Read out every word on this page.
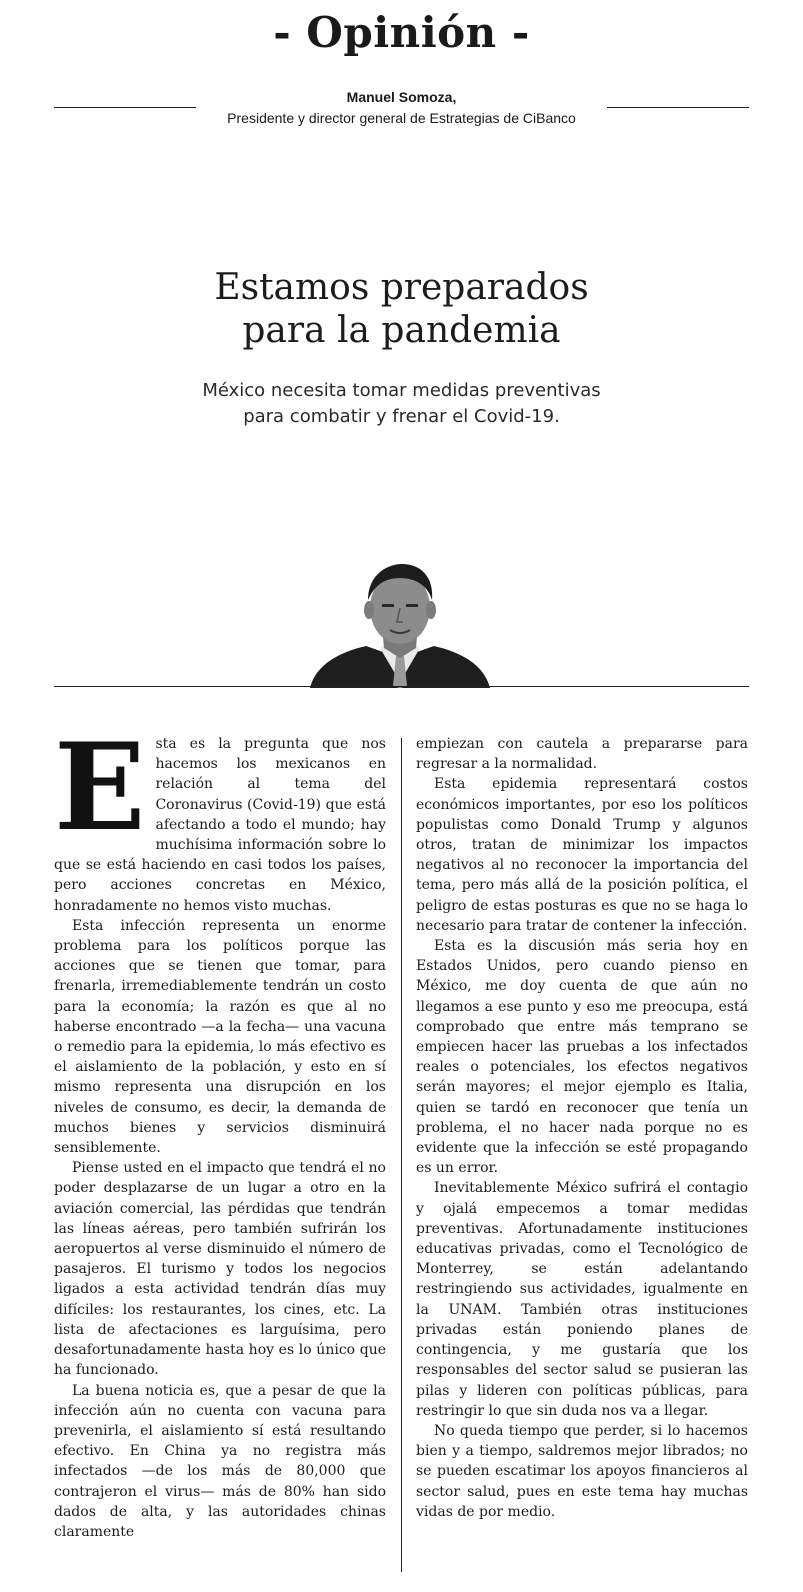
- Opinión -
Manuel Somoza,
Presidente y director general de Estrategias de CiBanco
Estamos preparados
para la pandemia
México necesita tomar medidas preventivas
para combatir y frenar el Covid-19.

Esta es la pregunta que nos hacemos los mexicanos en relación al tema del Coronavirus (Covid-19) que está afectando a todo el mundo; hay muchísima información sobre lo que se está haciendo en casi todos los países, pero acciones concretas en México, honradamente no hemos visto muchas.

Esta infección representa un enorme problema para los políticos porque las acciones que se tienen que tomar, para frenarla, irremediablemente tendrán un costo para la economía; la razón es que al no haberse encontrado —a la fecha— una vacuna o remedio para la epidemia, lo más efectivo es el aislamiento de la población, y esto en sí mismo representa una disrupción en los niveles de consumo, es decir, la demanda de muchos bienes y servicios disminuirá sensiblemente.

Piense usted en el impacto que tendrá el no poder desplazarse de un lugar a otro en la aviación comercial, las pérdidas que tendrán las líneas aéreas, pero también sufrirán los aeropuertos al verse disminuido el número de pasajeros. El turismo y todos los negocios ligados a esta actividad tendrán días muy difíciles: los restaurantes, los cines, etc. La lista de afectaciones es larguísima, pero desafortunadamente hasta hoy es lo único que ha funcionado.

La buena noticia es, que a pesar de que la infección aún no cuenta con vacuna para prevenirla, el aislamiento sí está resultando efectivo. En China ya no registra más infectados —de los más de 80,000 que contrajeron el virus— más de 80% han sido dados de alta, y las autoridades chinas claramente

empiezan con cautela a prepararse para regresar a la normalidad.

Esta epidemia representará costos económicos importantes, por eso los políticos populistas como Donald Trump y algunos otros, tratan de minimizar los impactos negativos al no reconocer la importancia del tema, pero más allá de la posición política, el peligro de estas posturas es que no se haga lo necesario para tratar de contener la infección.

Esta es la discusión más seria hoy en Estados Unidos, pero cuando pienso en México, me doy cuenta de que aún no llegamos a ese punto y eso me preocupa, está comprobado que entre más temprano se empiecen hacer las pruebas a los infectados reales o potenciales, los efectos negativos serán mayores; el mejor ejemplo es Italia, quien se tardó en reconocer que tenía un problema, el no hacer nada porque no es evidente que la infección se esté propagando es un error.

Inevitablemente México sufrirá el contagio y ojalá empecemos a tomar medidas preventivas. Afortunadamente instituciones educativas privadas, como el Tecnológico de Monterrey, se están adelantando restringiendo sus actividades, igualmente en la UNAM. También otras instituciones privadas están poniendo planes de contingencia, y me gustaría que los responsables del sector salud se pusieran las pilas y lideren con políticas públicas, para restringir lo que sin duda nos va a llegar.

No queda tiempo que perder, si lo hacemos bien y a tiempo, saldremos mejor librados; no se pueden escatimar los apoyos financieros al sector salud, pues en este tema hay muchas vidas de por medio.
